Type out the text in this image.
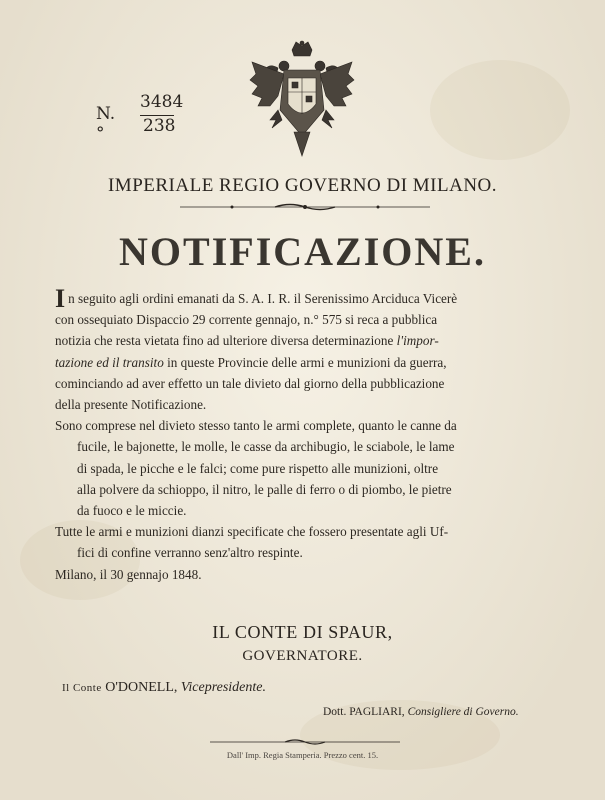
N.°
3484
238
IMPERIALE REGIO GOVERNO DI MILANO.
NOTIFICAZIONE.

In seguito agli ordini emanati da S. A. I. R. il Serenissimo Arciduca Vicerè
con ossequiato Dispaccio 29 corrente gennajo, n.° 575 si reca a pubblica
notizia che resta vietata fino ad ulteriore diversa determinazione l'impor-
tazione ed il transito in queste Provincie delle armi e munizioni da guerra,
cominciando ad aver effetto un tale divieto dal giorno della pubblicazione
della presente Notificazione.

Sono comprese nel divieto stesso tanto le armi complete, quanto le canne da
fucile, le bajonette, le molle, le casse da archibugio, le sciabole, le lame
di spada, le picche e le falci; come pure rispetto alle munizioni, oltre
alla polvere da schioppo, il nitro, le palle di ferro o di piombo, le pietre
da fuoco e le miccie.

Tutte le armi e munizioni dianzi specificate che fossero presentate agli Uf-
fici di confine verranno senz'altro respinte.

Milano, il 30 gennajo 1848.

IL CONTE DI SPAUR,
GOVERNATORE.
Il Conte O'DONELL, Vicepresidente.
Dott. PAGLIARI, Consigliere di Governo.
Dall' Imp. Regia Stamperia. Prezzo cent. 15.
